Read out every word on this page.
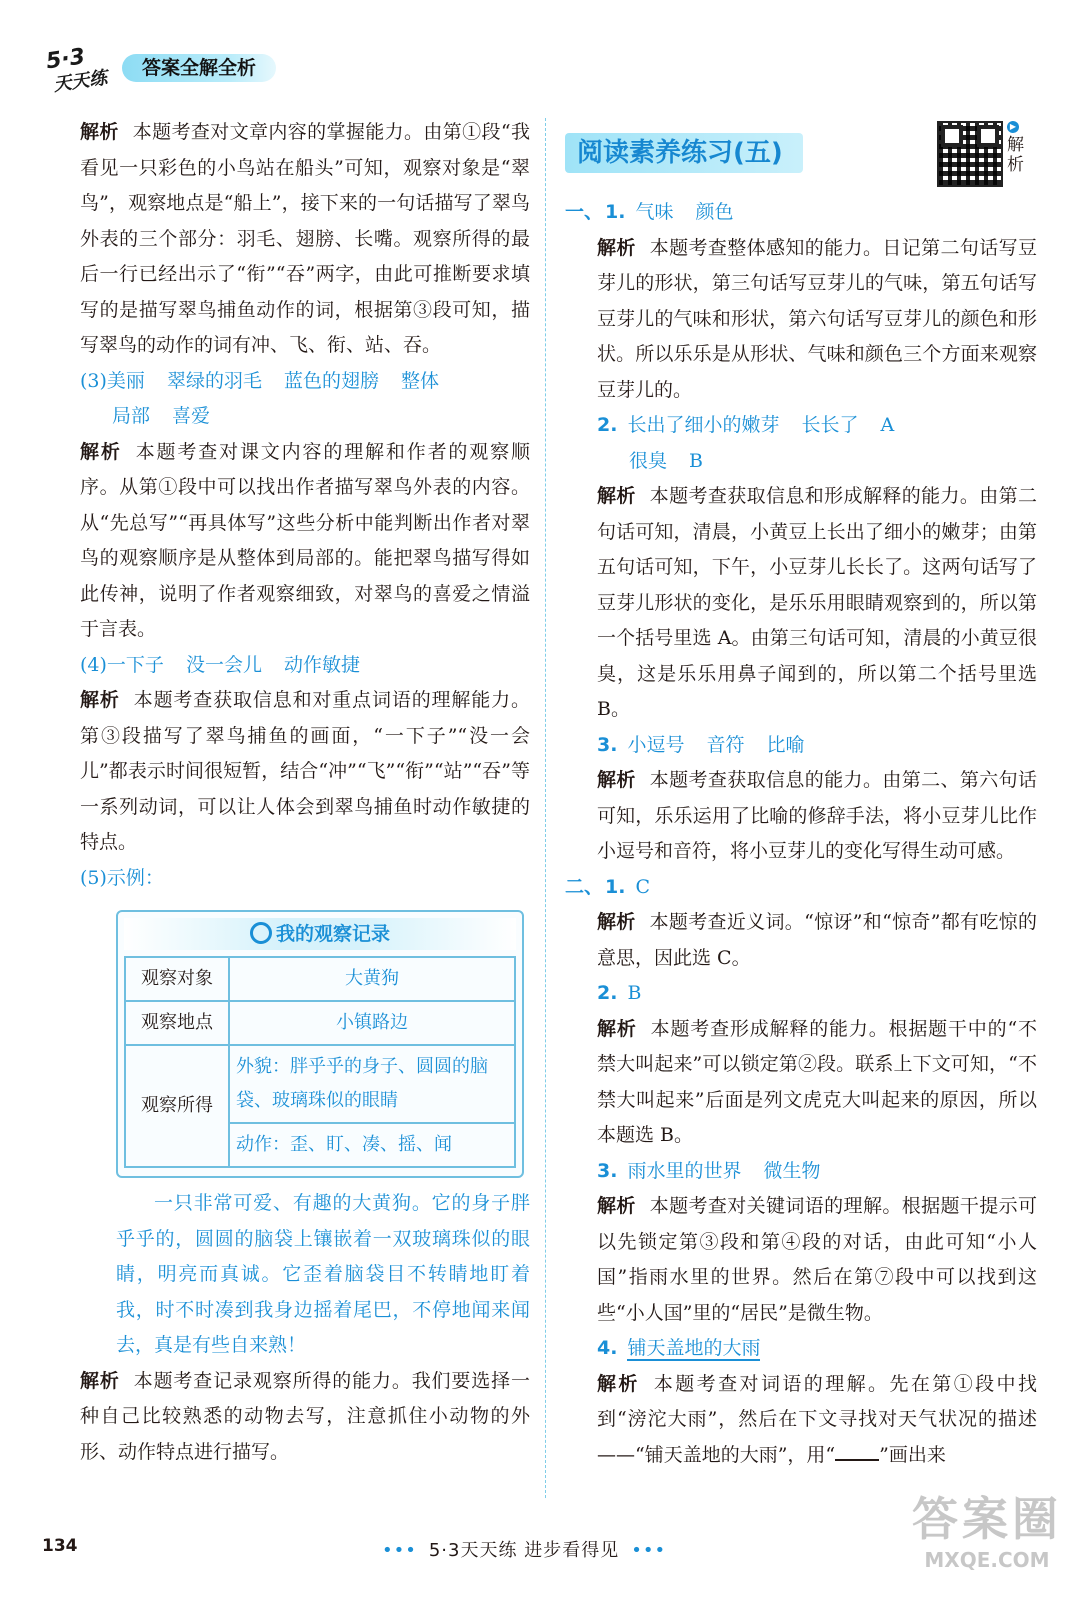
5·3
天天练	答案全解全析

解析 本题考查对文章内容的掌握能力。由第①段“我看见一只彩色的小鸟站在船头”可知，观察对象是“翠鸟”，观察地点是“船上”，接下来的一句话描写了翠鸟外表的三个部分：羽毛、翅膀、长嘴。观察所得的最后一行已经出示了“衔”“吞”两字，由此可推断要求填写的是描写翠鸟捕鱼动作的词，根据第③段可知，描写翠鸟的动作的词有冲、飞、衔、站、吞。

(3)美丽 翠绿的羽毛 蓝色的翅膀 整体

局部 喜爱

解析 本题考查对课文内容的理解和作者的观察顺序。从第①段中可以找出作者描写翠鸟外表的内容。从“先总写”“再具体写”这些分析中能判断出作者对翠鸟的观察顺序是从整体到局部的。能把翠鸟描写得如此传神，说明了作者观察细致，对翠鸟的喜爱之情溢于言表。

(4)一下子 没一会儿 动作敏捷

解析 本题考查获取信息和对重点词语的理解能力。第③段描写了翠鸟捕鱼的画面，“一下子”“没一会儿”都表示时间很短暂，结合“冲”“飞”“衔”“站”“吞”等一系列动词，可以让人体会到翠鸟捕鱼时动作敏捷的特点。

(5)示例：

我的观察记录
观察对象	大黄狗
观察地点	小镇路边
观察所得	外貌：胖乎乎的身子、圆圆的脑袋、玻璃珠似的眼睛
	动作：歪、盯、凑、摇、闻

一只非常可爱、有趣的大黄狗。它的身子胖乎乎的，圆圆的脑袋上镶嵌着一双玻璃珠似的眼睛，明亮而真诚。它歪着脑袋目不转睛地盯着我，时不时凑到我身边摇着尾巴，不停地闻来闻去，真是有些自来熟！

解析 本题考查记录观察所得的能力。我们要选择一种自己比较熟悉的动物去写，注意抓住小动物的外形、动作特点进行描写。

阅读素养练习(五)
▶
解析

一、 1. 气味 颜色

解析 本题考查整体感知的能力。日记第二句话写豆芽儿的形状，第三句话写豆芽儿的气味，第五句话写豆芽儿的气味和形状，第六句话写豆芽儿的颜色和形状。所以乐乐是从形状、气味和颜色三个方面来观察豆芽儿的。

2. 长出了细小的嫩芽 长长了 A

很臭 B

解析 本题考查获取信息和形成解释的能力。由第二句话可知，清晨，小黄豆上长出了细小的嫩芽；由第五句话可知，下午，小豆芽儿长长了。这两句话写了豆芽儿形状的变化，是乐乐用眼睛观察到的，所以第一个括号里选 A。由第三句话可知，清晨的小黄豆很臭，这是乐乐用鼻子闻到的，所以第二个括号里选 B。

3. 小逗号 音符 比喻

解析 本题考查获取信息的能力。由第二、第六句话可知，乐乐运用了比喻的修辞手法，将小豆芽儿比作小逗号和音符，将小豆芽儿的变化写得生动可感。

二、 1. C

解析 本题考查近义词。“惊讶”和“惊奇”都有吃惊的意思，因此选 C。

2. B

解析 本题考查形成解释的能力。根据题干中的“不禁大叫起来”可以锁定第②段。联系上下文可知，“不禁大叫起来”后面是列文虎克大叫起来的原因，所以本题选 B。

3. 雨水里的世界 微生物

解析 本题考查对关键词语的理解。根据题干提示可以先锁定第③段和第④段的对话，由此可知“小人国”指雨水里的世界。然后在第⑦段中可以找到这些“小人国”里的“居民”是微生物。

4. 铺天盖地的大雨

解析 本题考查对词语的理解。先在第①段中找到“滂沱大雨”，然后在下文寻找对天气状况的描述——“铺天盖地的大雨”，用“ ”画出来

134	••• 5·3天天练 进步看得见 •••
答案圈
MXQE.COM
